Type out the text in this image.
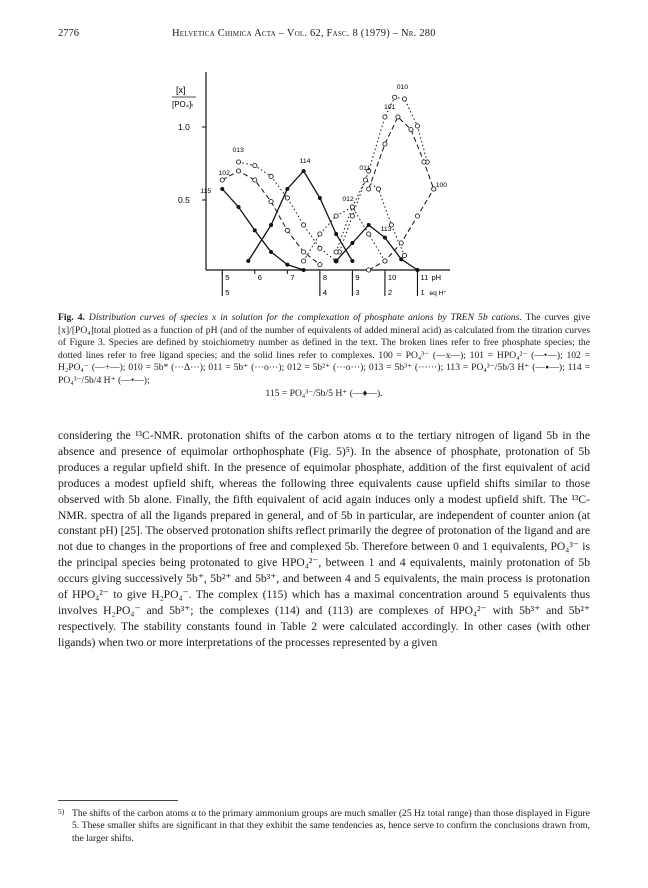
2776	Helvetica Chimica Acta – Vol. 62, Fasc. 8 (1979) – Nr. 280
[x]
[PO₄]ₜ
1.0
0.5
5	6	7	8	9	10	11 pH
5	4	3	2	1 eq H⁺
010
101
013
114
011
012
102
115
100
113

Fig. 4. Distribution curves of species x in solution for the complexation of phosphate anions by TREN 5b cations. The curves give [x]/[PO₄]total plotted as a function of pH (and of the number of equivalents of added mineral acid) as calculated from the titration curves of Figure 3. Species are defined by stoichiometry number as defined in the text. The broken lines refer to free phosphate species; the dotted lines refer to free ligand species; and the solid lines refer to complexes. 100 = PO₄³⁻ (—x—); 101 = HPO₄²⁻ (—•—); 102 = H₂PO₄⁻ (—+—); 010 = 5b* (···Δ···); 011 = 5b⁺ (···o···); 012 = 5b²⁺ (···o···); 013 = 5b³⁺ (······); 113 = PO₄³⁻/5b/3 H⁺ (—▪—); 114 = PO₄³⁻/5b/4 H⁺ (—•—);

115 = PO₄³⁻/5b/5 H⁺ (—♦—).

considering the ¹³C-NMR. protonation shifts of the carbon atoms α to the tertiary nitrogen of ligand 5b in the absence and presence of equimolar orthophosphate (Fig. 5)⁵). In the absence of phosphate, protonation of 5b produces a regular upfield shift. In the presence of equimolar phosphate, addition of the first equivalent of acid produces a modest upfield shift, whereas the following three equivalents cause upfield shifts similar to those observed with 5b alone. Finally, the fifth equivalent of acid again induces only a modest upfield shift. The ¹³C-NMR. spectra of all the ligands prepared in general, and of 5b in particular, are independent of counter anion (at constant pH) [25]. The observed protonation shifts reflect primarily the degree of protonation of the ligand and are not due to changes in the proportions of free and complexed 5b. Therefore between 0 and 1 equivalents, PO₄³⁻ is the principal species being protonated to give HPO₄²⁻, between 1 and 4 equivalents, mainly protonation of 5b occurs giving successively 5b⁺, 5b²⁺ and 5b³⁺, and between 4 and 5 equivalents, the main process is protonation of HPO₄²⁻ to give H₂PO₄⁻. The complex (115) which has a maximal concentration around 5 equivalents thus involves H₂PO₄⁻ and 5b³⁺; the complexes (114) and (113) are complexes of HPO₄²⁻ with 5b³⁺ and 5b²⁺ respectively. The stability constants found in Table 2 were calculated accordingly. In other cases (with other ligands) when two or more interpretations of the processes represented by a given

5) The shifts of the carbon atoms α to the primary ammonium groups are much smaller (25 Hz total range) than those displayed in Figure 5. These smaller shifts are significant in that they exhibit the same tendencies as, hence serve to confirm the conclusions drawn from, the larger shifts.
